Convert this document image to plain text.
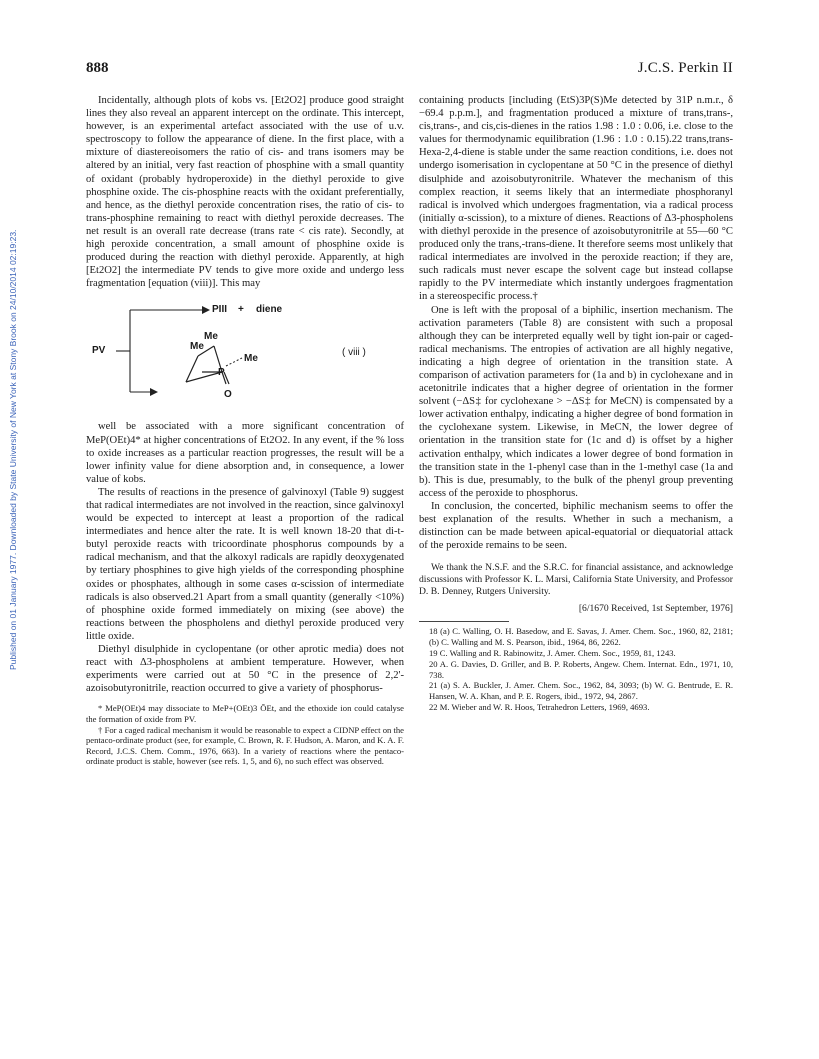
888	J.C.S. Perkin II
Published on 01 January 1977. Downloaded by State University of New York at Stony Brook on 24/10/2014 02:19:23.

Incidentally, although plots of kobs vs. [Et2O2] produce good straight lines they also reveal an apparent intercept on the ordinate. This intercept, however, is an experimental artefact associated with the use of u.v. spectroscopy to follow the appearance of diene. In the first place, with a mixture of diastereoisomers the ratio of cis- and trans isomers may be altered by an initial, very fast reaction of phosphine with a small quantity of oxidant (probably hydroperoxide) in the diethyl peroxide to give phosphine oxide. The cis-phosphine reacts with the oxidant preferentially, and hence, as the diethyl peroxide concentration rises, the ratio of cis- to trans-phosphine remaining to react with diethyl peroxide decreases. The net result is an overall rate decrease (trans rate < cis rate). Secondly, at high peroxide concentration, a small amount of phosphine oxide is produced during the reaction with diethyl peroxide. Apparently, at high [Et2O2] the intermediate PV tends to give more oxide and undergo less fragmentation [equation (viii)]. This may

PV
PIII + diene
( viii )
Me
Me
Me
P
O

well be associated with a more significant concentration of MeP(OEt)4* at higher concentrations of Et2O2. In any event, if the % loss to oxide increases as a particular reaction progresses, the result will be a lower infinity value for diene absorption and, in consequence, a lower value of kobs.

The results of reactions in the presence of galvinoxyl (Table 9) suggest that radical intermediates are not involved in the reaction, since galvinoxyl would be expected to intercept at least a proportion of the radical intermediates and hence alter the rate. It is well known 18-20 that di-t-butyl peroxide reacts with tricoordinate phosphorus compounds by a radical mechanism, and that the alkoxyl radicals are rapidly deoxygenated by tertiary phosphines to give high yields of the corresponding phosphine oxides or phosphates, although in some cases α-scission of intermediate radicals is also observed.21 Apart from a small quantity (generally <10%) of phosphine oxide formed immediately on mixing (see above) the reactions between the phospholens and diethyl peroxide produced very little oxide.

Diethyl disulphide in cyclopentane (or other aprotic media) does not react with Δ3-phospholens at ambient temperature. However, when experiments were carried out at 50 °C in the presence of 2,2'-azoisobutyronitrile, reaction occurred to give a variety of phosphorus-

* MeP(OEt)4 may dissociate to MeP+(OEt)3 ŌEt, and the ethoxide ion could catalyse the formation of oxide from PV.

† For a caged radical mechanism it would be reasonable to expect a CIDNP effect on the pentaco-ordinate product (see, for example, C. Brown, R. F. Hudson, A. Maron, and K. A. F. Record, J.C.S. Chem. Comm., 1976, 663). In a variety of reactions where the pentaco-ordinate product is stable, however (see refs. 1, 5, and 6), no such effect was observed.

containing products [including (EtS)3P(S)Me detected by 31P n.m.r., δ −69.4 p.p.m.], and fragmentation produced a mixture of trans,trans-, cis,trans-, and cis,cis-dienes in the ratios 1.98 : 1.0 : 0.06, i.e. close to the values for thermodynamic equilibration (1.96 : 1.0 : 0.15).22 trans,trans-Hexa-2,4-diene is stable under the same reaction conditions, i.e. does not undergo isomerisation in cyclopentane at 50 °C in the presence of diethyl disulphide and azoisobutyronitrile. Whatever the mechanism of this complex reaction, it seems likely that an intermediate phosphoranyl radical is involved which undergoes fragmentation, via a radical process (initially α-scission), to a mixture of dienes. Reactions of Δ3-phospholens with diethyl peroxide in the presence of azoisobutyronitrile at 55—60 °C produced only the trans,-trans-diene. It therefore seems most unlikely that radical intermediates are involved in the peroxide reaction; if they are, such radicals must never escape the solvent cage but instead collapse rapidly to the PV intermediate which instantly undergoes fragmentation in a stereospecific process.†

One is left with the proposal of a biphilic, insertion mechanism. The activation parameters (Table 8) are consistent with such a proposal although they can be interpreted equally well by tight ion-pair or caged-radical mechanisms. The entropies of activation are all highly negative, indicating a high degree of orientation in the transition state. A comparison of activation parameters for (1a and b) in cyclohexane and in acetonitrile indicates that a higher degree of orientation in the former solvent (−ΔS‡ for cyclohexane > −ΔS‡ for MeCN) is compensated by a lower activation enthalpy, indicating a higher degree of bond formation in the cyclohexane system. Likewise, in MeCN, the lower degree of orientation in the transition state for (1c and d) is offset by a higher activation enthalpy, which indicates a lower degree of bond formation in the transition state in the 1-phenyl case than in the 1-methyl case (1a and b). This is due, presumably, to the bulk of the phenyl group preventing access of the peroxide to phosphorus.

In conclusion, the concerted, biphilic mechanism seems to offer the best explanation of the results. Whether in such a mechanism, a distinction can be made between apical-equatorial or diequatorial attack of the peroxide remains to be seen.

We thank the N.S.F. and the S.R.C. for financial assistance, and acknowledge discussions with Professor K. L. Marsi, California State University, and Professor D. B. Denney, Rutgers University.

[6/1670 Received, 1st September, 1976]

18 (a) C. Walling, O. H. Basedow, and E. Savas, J. Amer. Chem. Soc., 1960, 82, 2181; (b) C. Walling and M. S. Pearson, ibid., 1964, 86, 2262.

19 C. Walling and R. Rabinowitz, J. Amer. Chem. Soc., 1959, 81, 1243.

20 A. G. Davies, D. Griller, and B. P. Roberts, Angew. Chem. Internat. Edn., 1971, 10, 738.

21 (a) S. A. Buckler, J. Amer. Chem. Soc., 1962, 84, 3093; (b) W. G. Bentrude, E. R. Hansen, W. A. Khan, and P. E. Rogers, ibid., 1972, 94, 2867.

22 M. Wieber and W. R. Hoos, Tetrahedron Letters, 1969, 4693.
